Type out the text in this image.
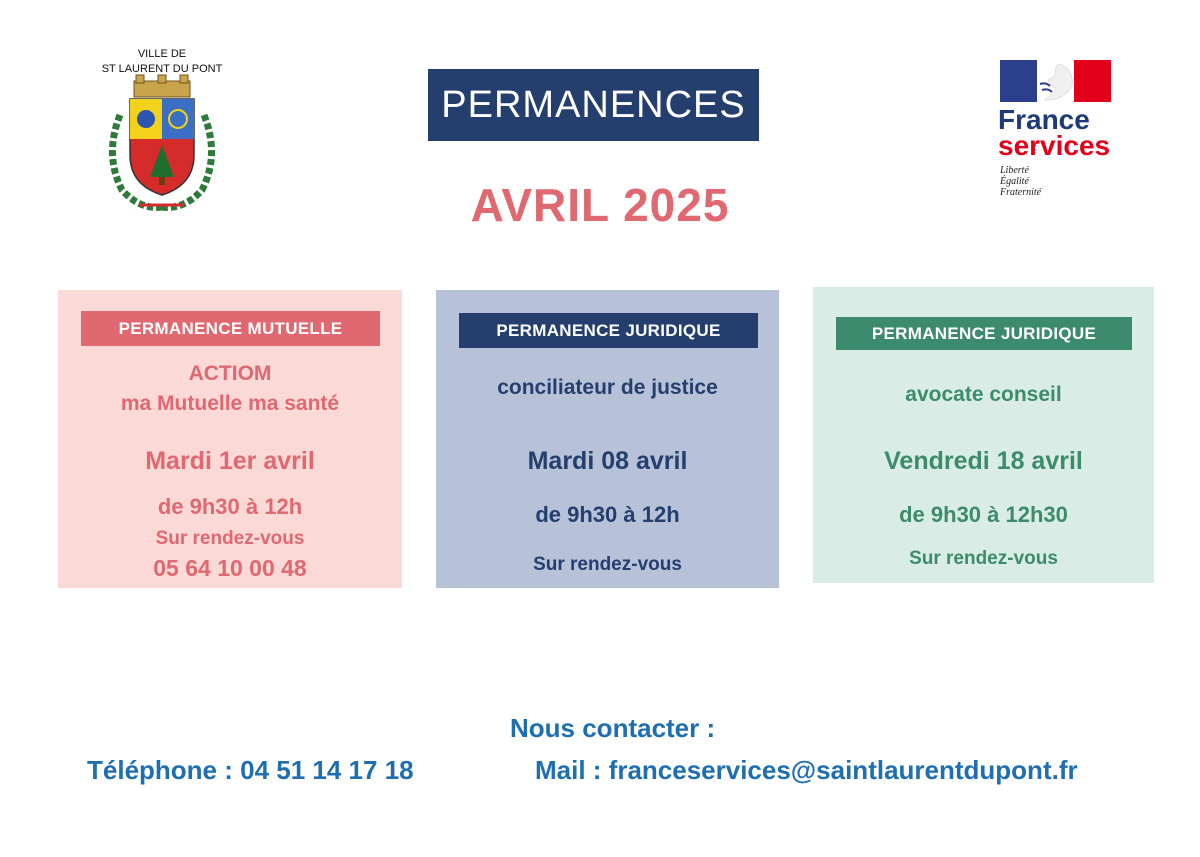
VILLE DE
ST LAURENT DU PONT
PERMANENCES
AVRIL 2025
France
services
Liberté
Égalité
Fraternité
PERMANENCE MUTUELLE
ACTIOM
ma Mutuelle ma santé
Mardi 1er avril
de 9h30 à 12h
Sur rendez-vous
05 64 10 00 48
PERMANENCE JURIDIQUE
conciliateur de justice
Mardi 08 avril
de 9h30 à 12h
Sur rendez-vous
PERMANENCE JURIDIQUE
avocate conseil
Vendredi 18 avril
de 9h30 à 12h30
Sur rendez-vous
Nous contacter :
Téléphone : 04 51 14 17 18	Mail : franceservices@saintlaurentdupont.fr
